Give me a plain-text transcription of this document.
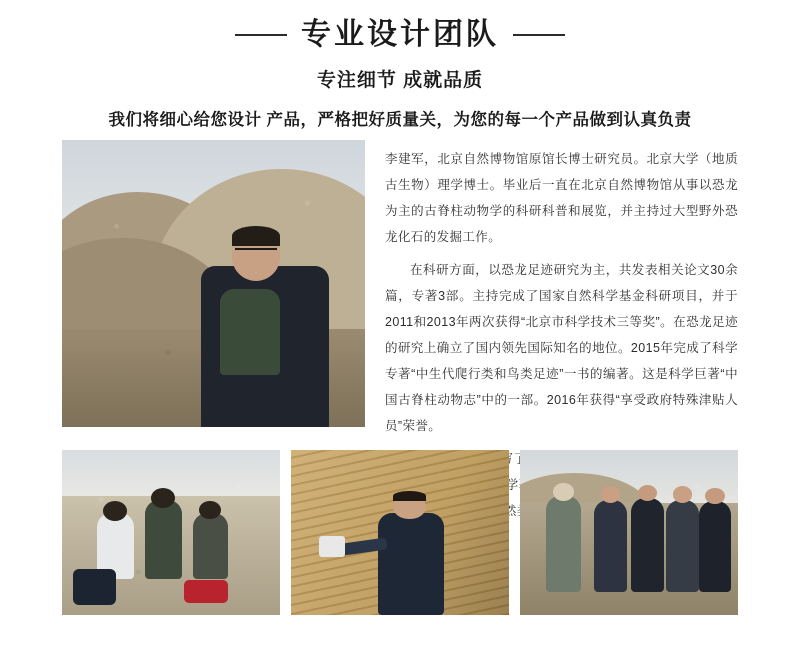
专业设计团队
专注细节 成就品质
我们将细心给您设计 产品，严格把好质量关，为您的每一个产品做到认真负责

李建军，北京自然博物馆原馆长博士研究员。北京大学（地质古生物）理学博士。毕业后一直在北京自然博物馆从事以恐龙为主的古脊柱动物学的科研科普和展览，并主持过大型野外恐龙化石的发掘工作。

在科研方面，以恐龙足迹研究为主，共发表相关论文30余篇，专著3部。主持完成了国家自然科学基金科研项目，并于2011和2013年两次获得“北京市科学技术三等奖”。在恐龙足迹的研究上确立了国内领先国际知名的地位。2015年完成了科学专著“中生代爬行类和鸟类足迹”一书的编著。这是科学巨著“中国古脊柱动物志”中的一部。2016年获得“享受政府特殊津贴人员”荣誉。
